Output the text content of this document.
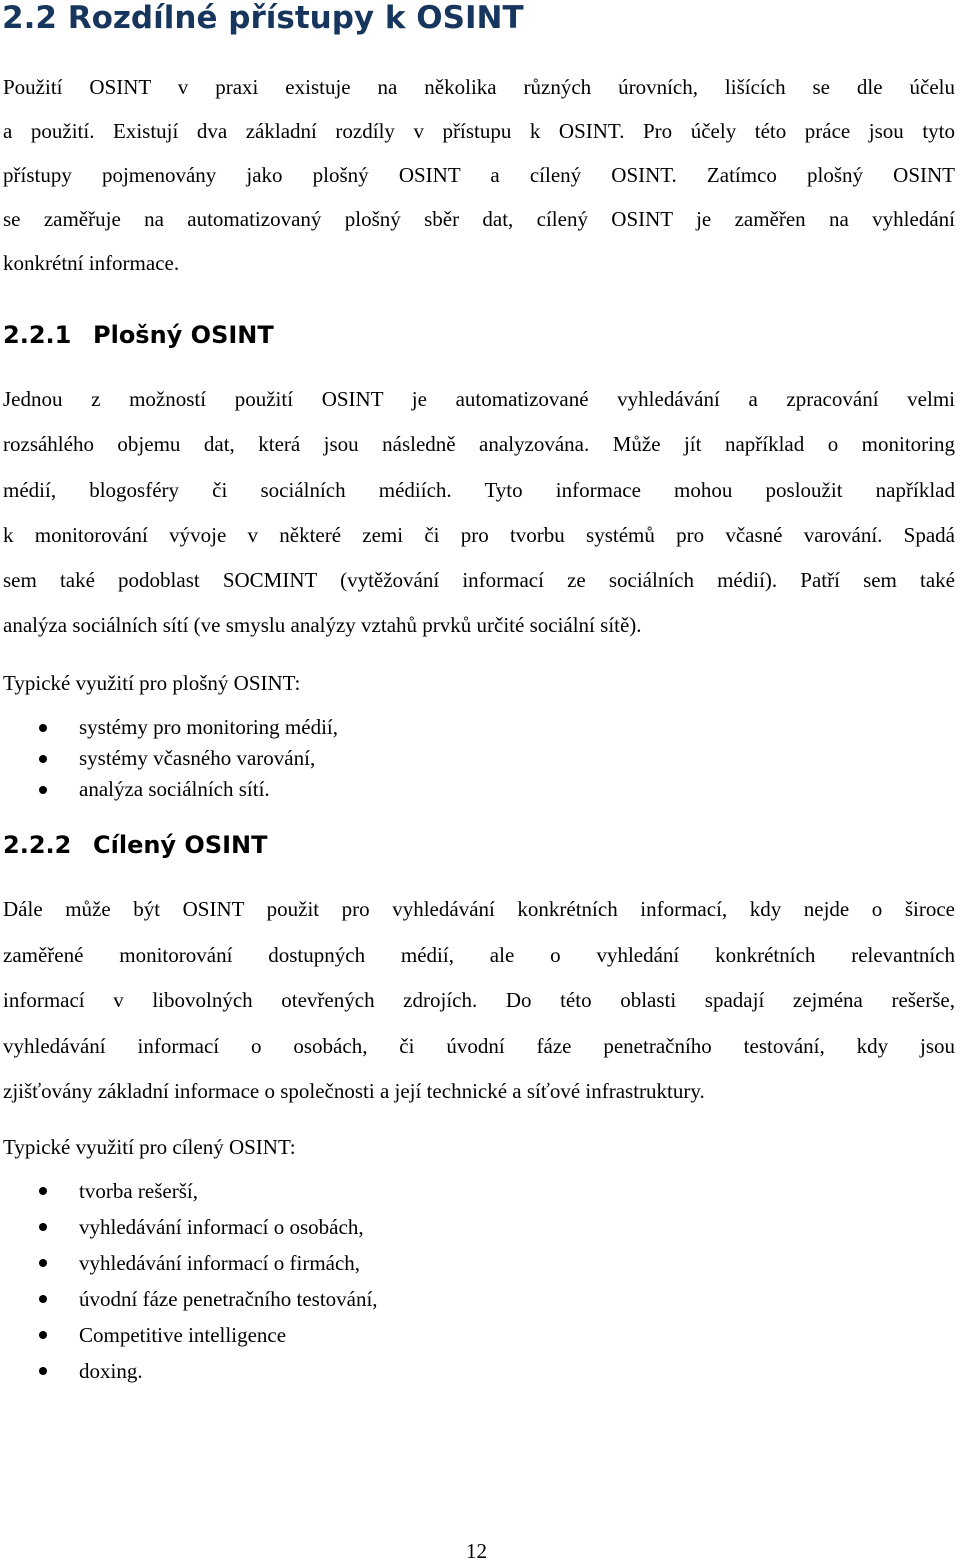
2.2 Rozdílné přístupy k OSINT

Použití OSINT v praxi existuje na několika různých úrovních, lišících se dle účelu
a použití. Existují dva základní rozdíly v přístupu k OSINT. Pro účely této práce jsou tyto
přístupy pojmenovány jako plošný OSINT a cílený OSINT. Zatímco plošný OSINT
se zaměřuje na automatizovaný plošný sběr dat, cílený OSINT je zaměřen na vyhledání
konkrétní informace.

2.2.1 Plošný OSINT

Jednou z možností použití OSINT je automatizované vyhledávání a zpracování velmi
rozsáhlého objemu dat, která jsou následně analyzována. Může jít například o monitoring
médií, blogosféry či sociálních médiích. Tyto informace mohou posloužit například
k monitorování vývoje v některé zemi či pro tvorbu systémů pro včasné varování. Spadá
sem také podoblast SOCMINT (vytěžování informací ze sociálních médií). Patří sem také
analýza sociálních sítí (ve smyslu analýzy vztahů prvků určité sociální sítě).

Typické využití pro plošný OSINT:
systémy pro monitoring médií,
systémy včasného varování,
analýza sociálních sítí.
2.2.2 Cílený OSINT

Dále může být OSINT použit pro vyhledávání konkrétních informací, kdy nejde o široce
zaměřené monitorování dostupných médií, ale o vyhledání konkrétních relevantních
informací v libovolných otevřených zdrojích. Do této oblasti spadají zejména rešerše,
vyhledávání informací o osobách, či úvodní fáze penetračního testování, kdy jsou
zjišťovány základní informace o společnosti a její technické a síťové infrastruktury.

Typické využití pro cílený OSINT:
tvorba rešerší,
vyhledávání informací o osobách,
vyhledávání informací o firmách,
úvodní fáze penetračního testování,
Competitive intelligence
doxing.
12
